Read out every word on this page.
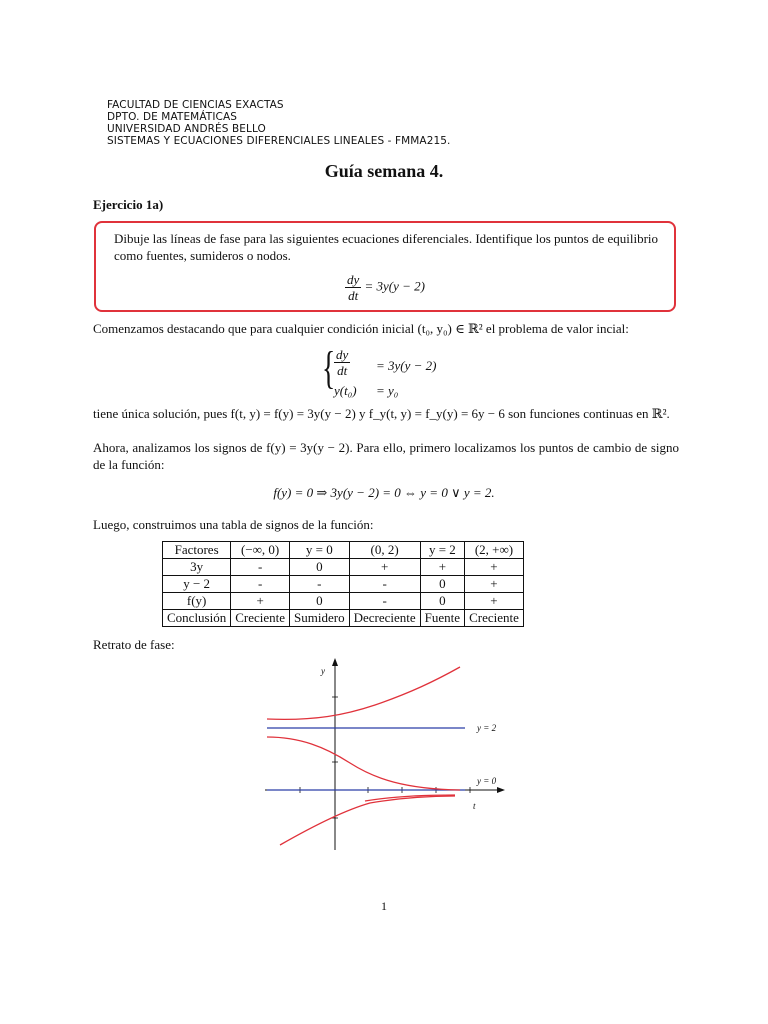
FACULTAD DE CIENCIAS EXACTAS
DPTO. DE MATEMÁTICAS
UNIVERSIDAD ANDRÉS BELLO
SISTEMAS Y ECUACIONES DIFERENCIALES LINEALES - FMMA215.
Guía semana 4.
Ejercicio 1a)
Dibuje las líneas de fase para las siguientes ecuaciones diferenciales. Identifique los puntos de equilibrio como fuentes, sumideros o nodos.
$\frac{dy}{dt} = 3y(y - 2)$
Comenzamos destacando que para cualquier condición inicial (t₀, y₀) ∈ ℝ² el problema de valor incial:
{
$\frac{dy}{dt} = 3y(y - 2)$
y(t₀) = y₀
tiene única solución, pues f(t, y) = f(y) = 3y(y − 2) y f_y(t, y) = f_y(y) = 6y − 6 son funciones continuas en ℝ².
Ahora, analizamos los signos de f(y) = 3y(y − 2). Para ello, primero localizamos los puntos de cambio de signo de la función:
f(y) = 0 ⇒ 3y(y − 2) = 0 ⇔ y = 0 ∨ y = 2.
Luego, construimos una tabla de signos de la función:
Factores	(−∞, 0)	y = 0	(0, 2)	y = 2	(2, +∞)
3y	-	0	+	+	+
y − 2	-	-	-	0	+
f(y)	+	0	-	0	+
Conclusión	Creciente	Sumidero	Decreciente	Fuente	Creciente
Retrato de fase:
y
t
y = 2
y = 0
1
